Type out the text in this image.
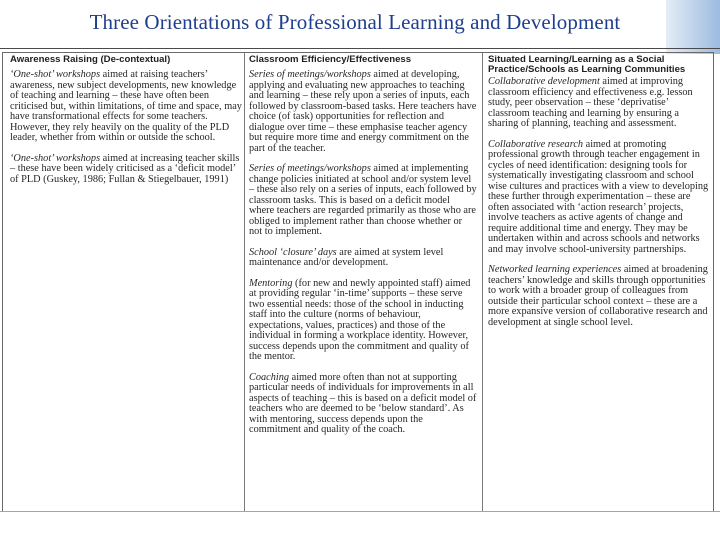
Three Orientations of Professional Learning and Development
Awareness Raising (De-contextual)

‘One-shot’ workshops aimed at raising teachers’ awareness, new subject developments, new knowledge of teaching and learning – these have often been criticised but, within limitations, of time and space, may have transformational effects for some teachers. However, they rely heavily on the quality of the PLD leader, whether from within or outside the school.

‘One-shot’ workshops aimed at increasing teacher skills – these have been widely criticised as a ‘deficit model’ of PLD (Guskey, 1986; Fullan & Stiegelbauer, 1991)

Classroom Efficiency/Effectiveness

Series of meetings/workshops aimed at developing, applying and evaluating new approaches to teaching and learning – these rely upon a series of inputs, each followed by classroom-based tasks. Here teachers have choice (of task) opportunities for reflection and dialogue over time – these emphasise teacher agency but require more time and energy commitment on the part of the teacher.

Series of meetings/workshops aimed at implementing change policies initiated at school and/or system level – these also rely on a series of inputs, each followed by classroom tasks. This is based on a deficit model where teachers are regarded primarily as those who are obliged to implement rather than choose whether or not to implement.

School ‘closure’ days are aimed at system level maintenance and/or development.

Mentoring (for new and newly appointed staff) aimed at providing regular ‘in-time’ supports – these serve two essential needs: those of the school in inducting staff into the culture (norms of behaviour, expectations, values, practices) and those of the individual in forming a workplace identity. However, success depends upon the commitment and quality of the mentor.

Coaching aimed more often than not at supporting particular needs of individuals for improvements in all aspects of teaching – this is based on a deficit model of teachers who are deemed to be ‘below standard’. As with mentoring, success depends upon the commitment and quality of the coach.

Situated Learning/Learning as a Social Practice/Schools as Learning Communities

Collaborative development aimed at improving classroom efficiency and effectiveness e.g. lesson study, peer observation – these ‘deprivatise’ classroom teaching and learning by ensuring a sharing of planning, teaching and assessment.

Collaborative research aimed at promoting professional growth through teacher engagement in cycles of need identification: designing tools for systematically investigating classroom and school wise cultures and practices with a view to developing these further through experimentation – these are often associated with ‘action research’ projects, involve teachers as active agents of change and require additional time and energy. They may be undertaken within and across schools and networks and may involve school-university partnerships.

Networked learning experiences aimed at broadening teachers’ knowledge and skills through opportunities to work with a broader group of colleagues from outside their particular school context – these are a more expansive version of collaborative research and development at single school level.
